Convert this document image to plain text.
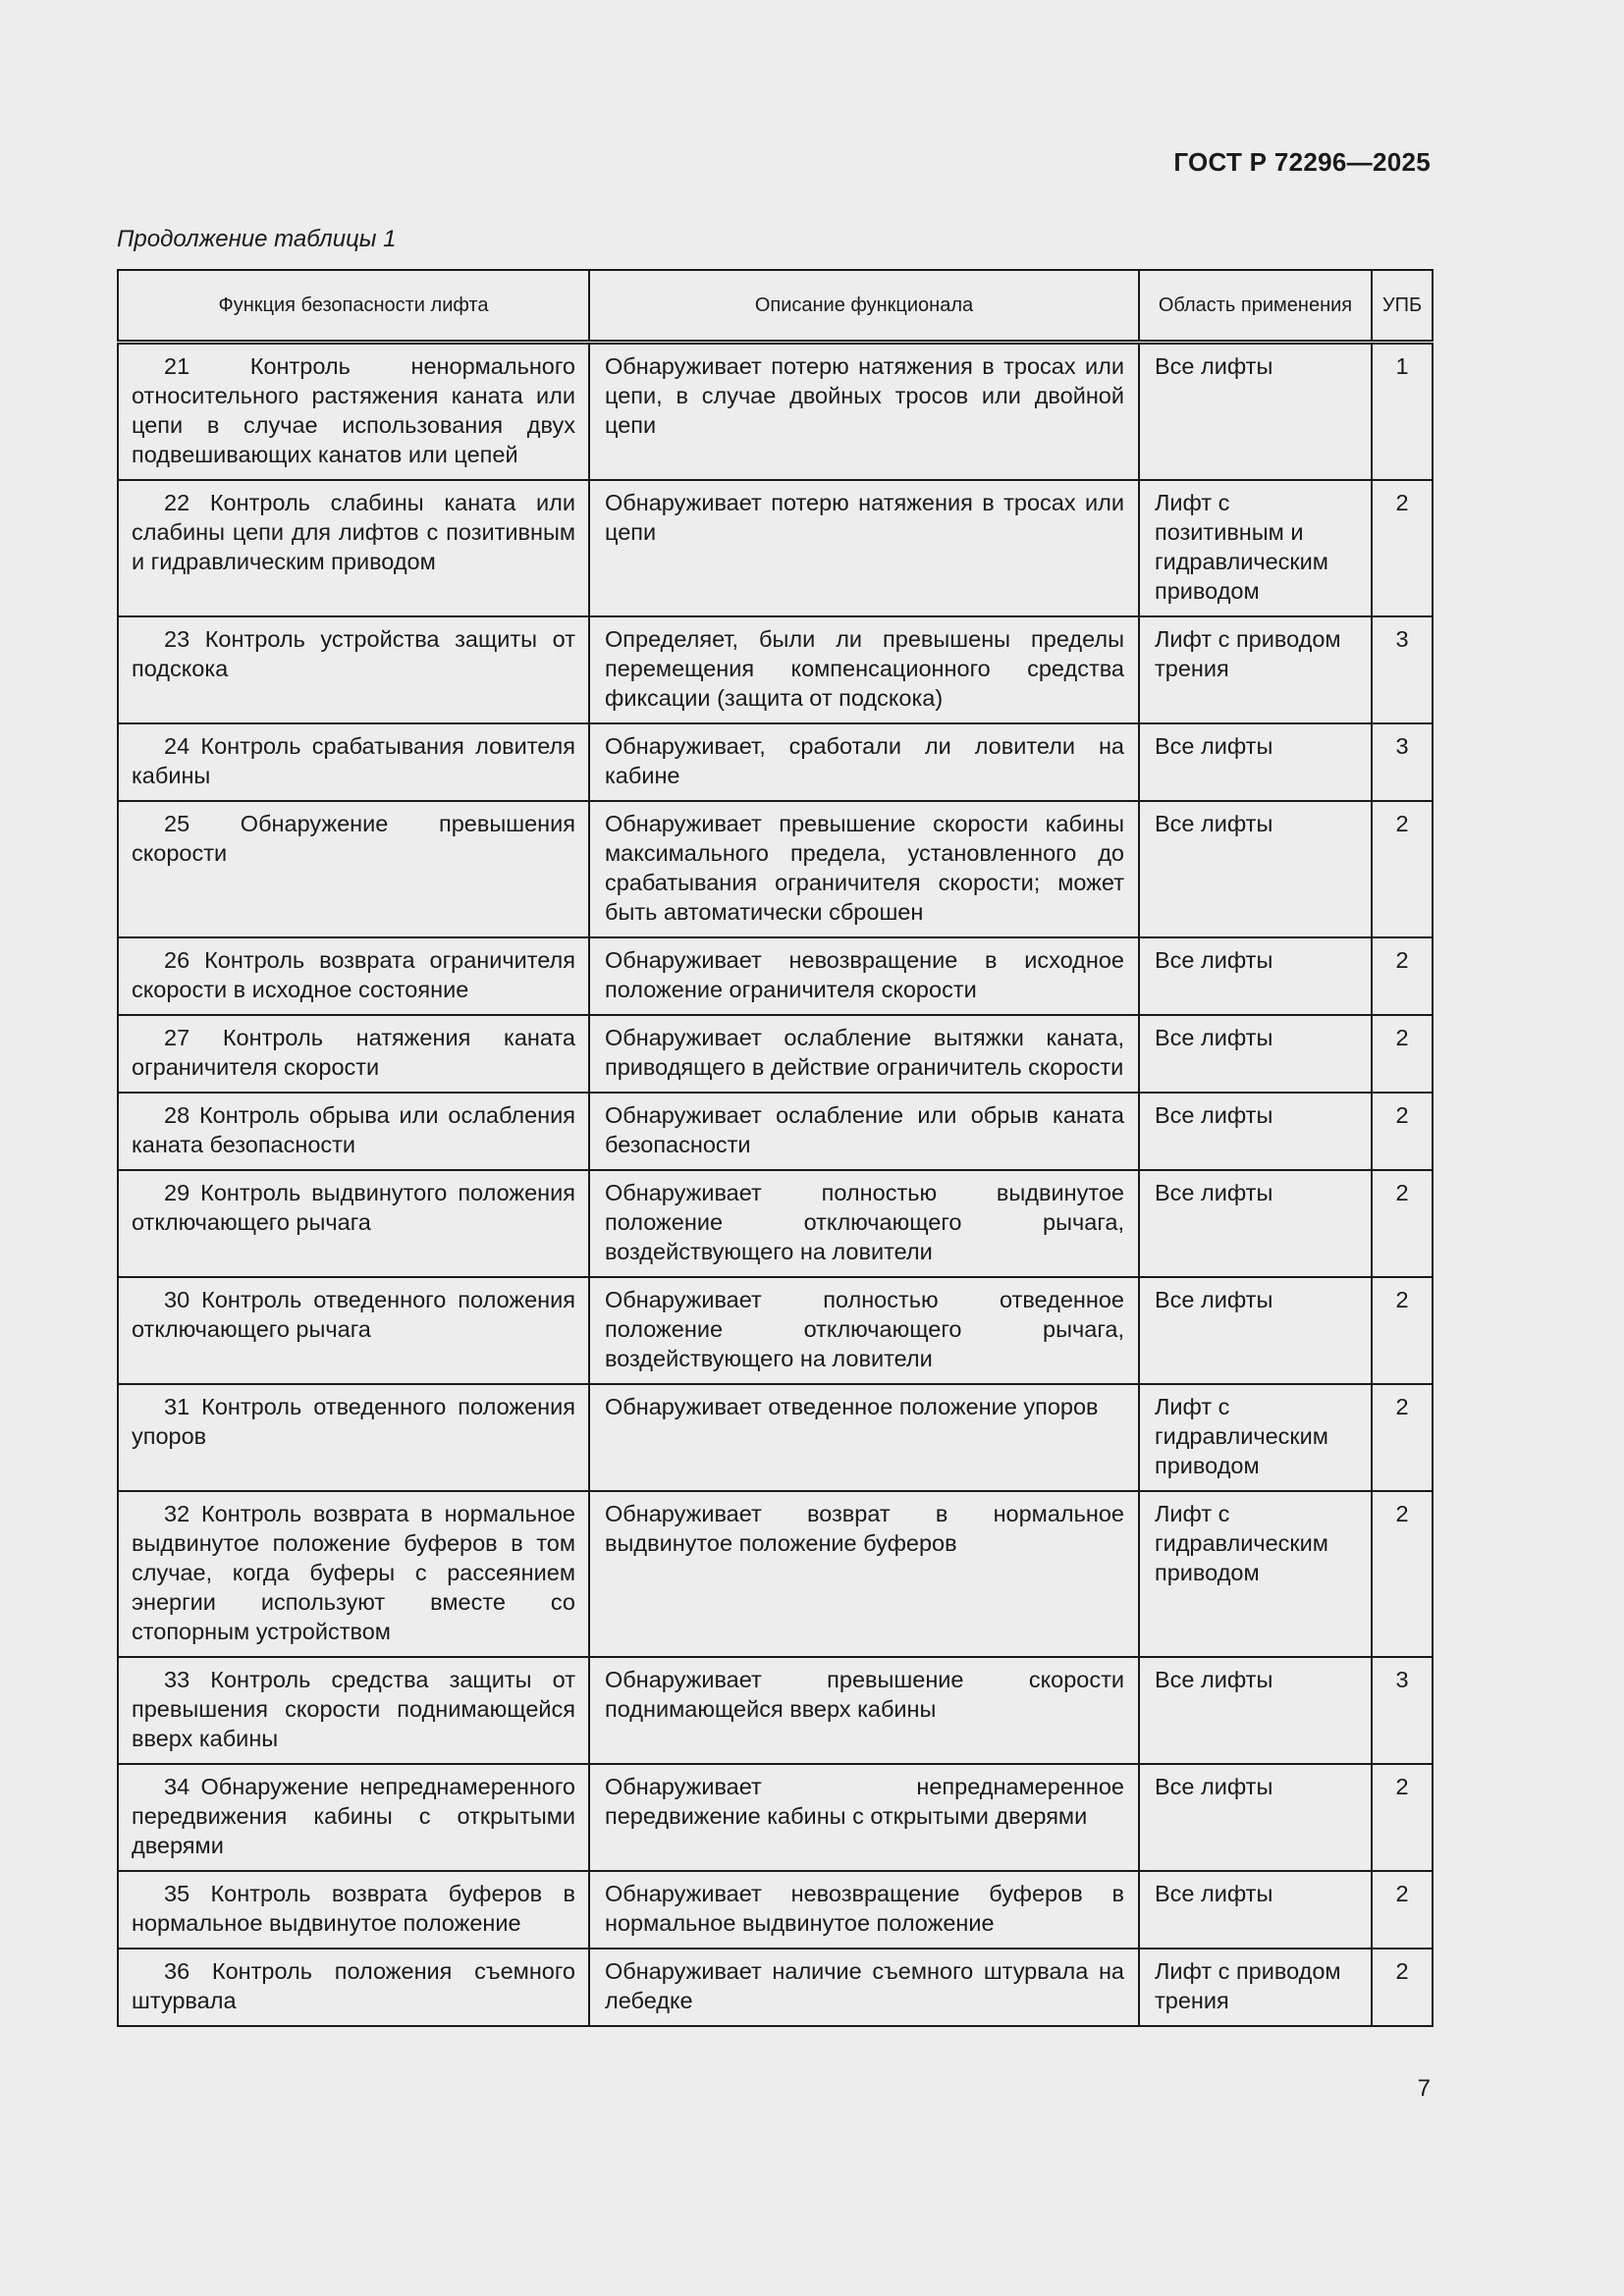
ГОСТ Р 72296—2025
Продолжение таблицы 1
Функция безопасности лифта	Описание функционала	Область применения	УПБ
21 Контроль ненормального относительного растяжения каната или цепи в случае использования двух подвешивающих канатов или цепей	Обнаруживает потерю натяжения в тросах или цепи, в случае двойных тросов или двойной цепи	Все лифты	1
22 Контроль слабины каната или слабины цепи для лифтов с позитивным и гидравлическим приводом	Обнаруживает потерю натяжения в тросах или цепи	Лифт с позитивным и гидравлическим приводом	2
23 Контроль устройства защиты от подскока	Определяет, были ли превышены пределы перемещения компенсационного средства фиксации (защита от подскока)	Лифт с приводом трения	3
24 Контроль срабатывания ловителя кабины	Обнаруживает, сработали ли ловители на кабине	Все лифты	3
25 Обнаружение превышения скорости	Обнаруживает превышение скорости кабины максимального предела, установленного до срабатывания ограничителя скорости; может быть автоматически сброшен	Все лифты	2
26 Контроль возврата ограничителя скорости в исходное состояние	Обнаруживает невозвращение в исходное положение ограничителя скорости	Все лифты	2
27 Контроль натяжения каната ограничителя скорости	Обнаруживает ослабление вытяжки каната, приводящего в действие ограничитель скорости	Все лифты	2
28 Контроль обрыва или ослабления каната безопасности	Обнаруживает ослабление или обрыв каната безопасности	Все лифты	2
29 Контроль выдвинутого положения отключающего рычага	Обнаруживает полностью выдвинутое положение отключающего рычага, воздействующего на ловители	Все лифты	2
30 Контроль отведенного положения отключающего рычага	Обнаруживает полностью отведенное положение отключающего рычага, воздействующего на ловители	Все лифты	2
31 Контроль отведенного положения упоров	Обнаруживает отведенное положение упоров	Лифт с гидравлическим приводом	2
32 Контроль возврата в нормальное выдвинутое положение буферов в том случае, когда буферы с рассеянием энергии используют вместе со стопорным устройством	Обнаруживает возврат в нормальное выдвинутое положение буферов	Лифт с гидравлическим приводом	2
33 Контроль средства защиты от превышения скорости поднимающейся вверх кабины	Обнаруживает превышение скорости поднимающейся вверх кабины	Все лифты	3
34 Обнаружение непреднамеренного передвижения кабины с открытыми дверями	Обнаруживает непреднамеренное передвижение кабины с открытыми дверями	Все лифты	2
35 Контроль возврата буферов в нормальное выдвинутое положение	Обнаруживает невозвращение буферов в нормальное выдвинутое положение	Все лифты	2
36 Контроль положения съемного штурвала	Обнаруживает наличие съемного штурвала на лебедке	Лифт с приводом трения	2
7
